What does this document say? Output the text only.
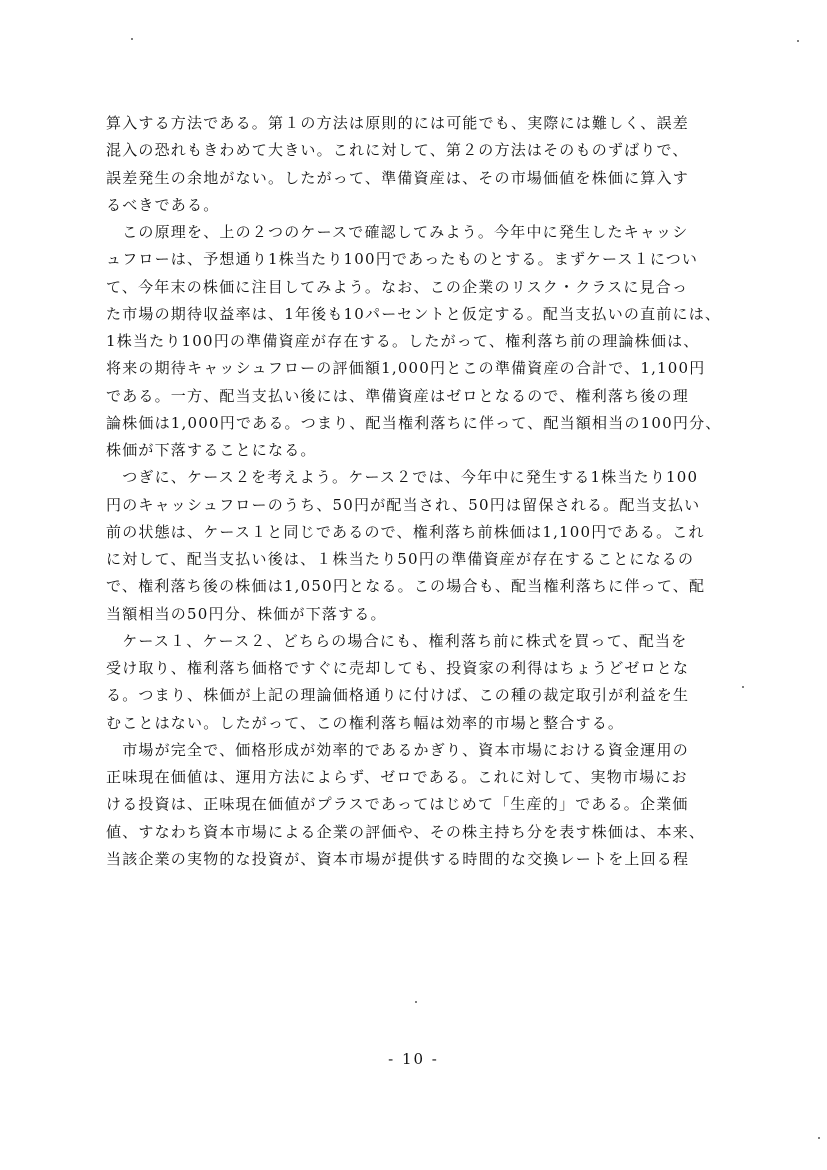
算入する方法である。第１の方法は原則的には可能でも、実際には難しく、誤差
混入の恐れもきわめて大きい。これに対して、第２の方法はそのものずばりで、
誤差発生の余地がない。したがって、準備資産は、その市場価値を株価に算入す
るべきである。
　この原理を、上の２つのケースで確認してみよう。今年中に発生したキャッシ
ュフローは、予想通り1株当たり100円であったものとする。まずケース１につい
て、今年末の株価に注目してみよう。なお、この企業のリスク・クラスに見合っ
た市場の期待収益率は、1年後も10パーセントと仮定する。配当支払いの直前には、
1株当たり100円の準備資産が存在する。したがって、権利落ち前の理論株価は、
将来の期待キャッシュフローの評価額1,000円とこの準備資産の合計で、1,100円
である。一方、配当支払い後には、準備資産はゼロとなるので、権利落ち後の理
論株価は1,000円である。つまり、配当権利落ちに伴って、配当額相当の100円分、
株価が下落することになる。
　つぎに、ケース２を考えよう。ケース２では、今年中に発生する1株当たり100
円のキャッシュフローのうち、50円が配当され、50円は留保される。配当支払い
前の状態は、ケース１と同じであるので、権利落ち前株価は1,100円である。これ
に対して、配当支払い後は、１株当たり50円の準備資産が存在することになるの
で、権利落ち後の株価は1,050円となる。この場合も、配当権利落ちに伴って、配
当額相当の50円分、株価が下落する。
　ケース１、ケース２、どちらの場合にも、権利落ち前に株式を買って、配当を
受け取り、権利落ち価格ですぐに売却しても、投資家の利得はちょうどゼロとな
る。つまり、株価が上記の理論価格通りに付けば、この種の裁定取引が利益を生
むことはない。したがって、この権利落ち幅は効率的市場と整合する。
　市場が完全で、価格形成が効率的であるかぎり、資本市場における資金運用の
正味現在価値は、運用方法によらず、ゼロである。これに対して、実物市場にお
ける投資は、正味現在価値がプラスであってはじめて「生産的」である。企業価
値、すなわち資本市場による企業の評価や、その株主持ち分を表す株価は、本来、
当該企業の実物的な投資が、資本市場が提供する時間的な交換レートを上回る程
- 10 -
